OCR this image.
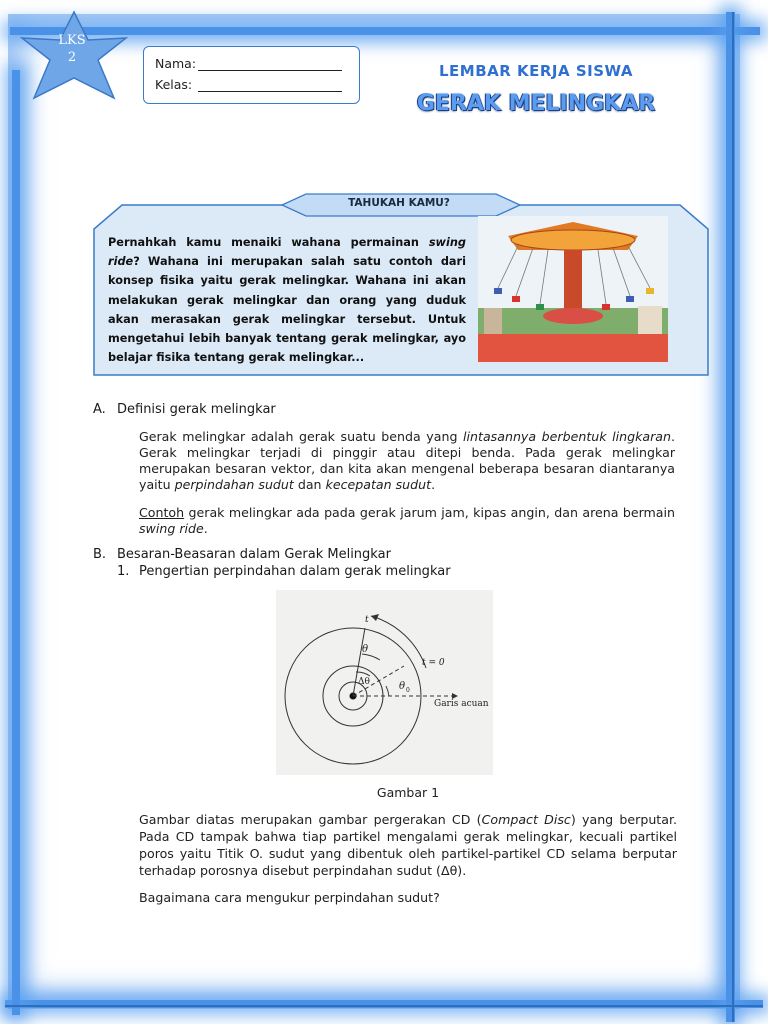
LKS
2	Nama:
Kelas:
LEMBAR KERJA SISWA
GERAK MELINGKAR
TAHUKAH KAMU?
Pernahkah kamu menaiki wahana permainan swing ride? Wahana ini merupakan salah satu contoh dari konsep fisika yaitu gerak melingkar. Wahana ini akan melakukan gerak melingkar dan orang yang duduk akan merasakan gerak melingkar tersebut. Untuk mengetahui lebih banyak tentang gerak melingkar, ayo belajar fisika tentang gerak melingkar...
A. Definisi gerak melingkar
Gerak melingkar adalah gerak suatu benda yang lintasannya berbentuk lingkaran. Gerak melingkar terjadi di pinggir atau ditepi benda. Pada gerak melingkar merupakan besaran vektor, dan kita akan mengenal beberapa besaran diantaranya yaitu perpindahan sudut dan kecepatan sudut.
Contoh gerak melingkar ada pada gerak jarum jam, kipas angin, dan arena bermain swing ride.
B. Besaran-Beasaran dalam Gerak Melingkar
1. Pengertian perpindahan dalam gerak melingkar
t
θ
t = 0
Δθ	θ 0
Garis acuan
Gambar 1
Gambar diatas merupakan gambar pergerakan CD (Compact Disc) yang berputar. Pada CD tampak bahwa tiap partikel mengalami gerak melingkar, kecuali partikel poros yaitu Titik O. sudut yang dibentuk oleh partikel-partikel CD selama berputar terhadap porosnya disebut perpindahan sudut (Δθ).
Bagaimana cara mengukur perpindahan sudut?
